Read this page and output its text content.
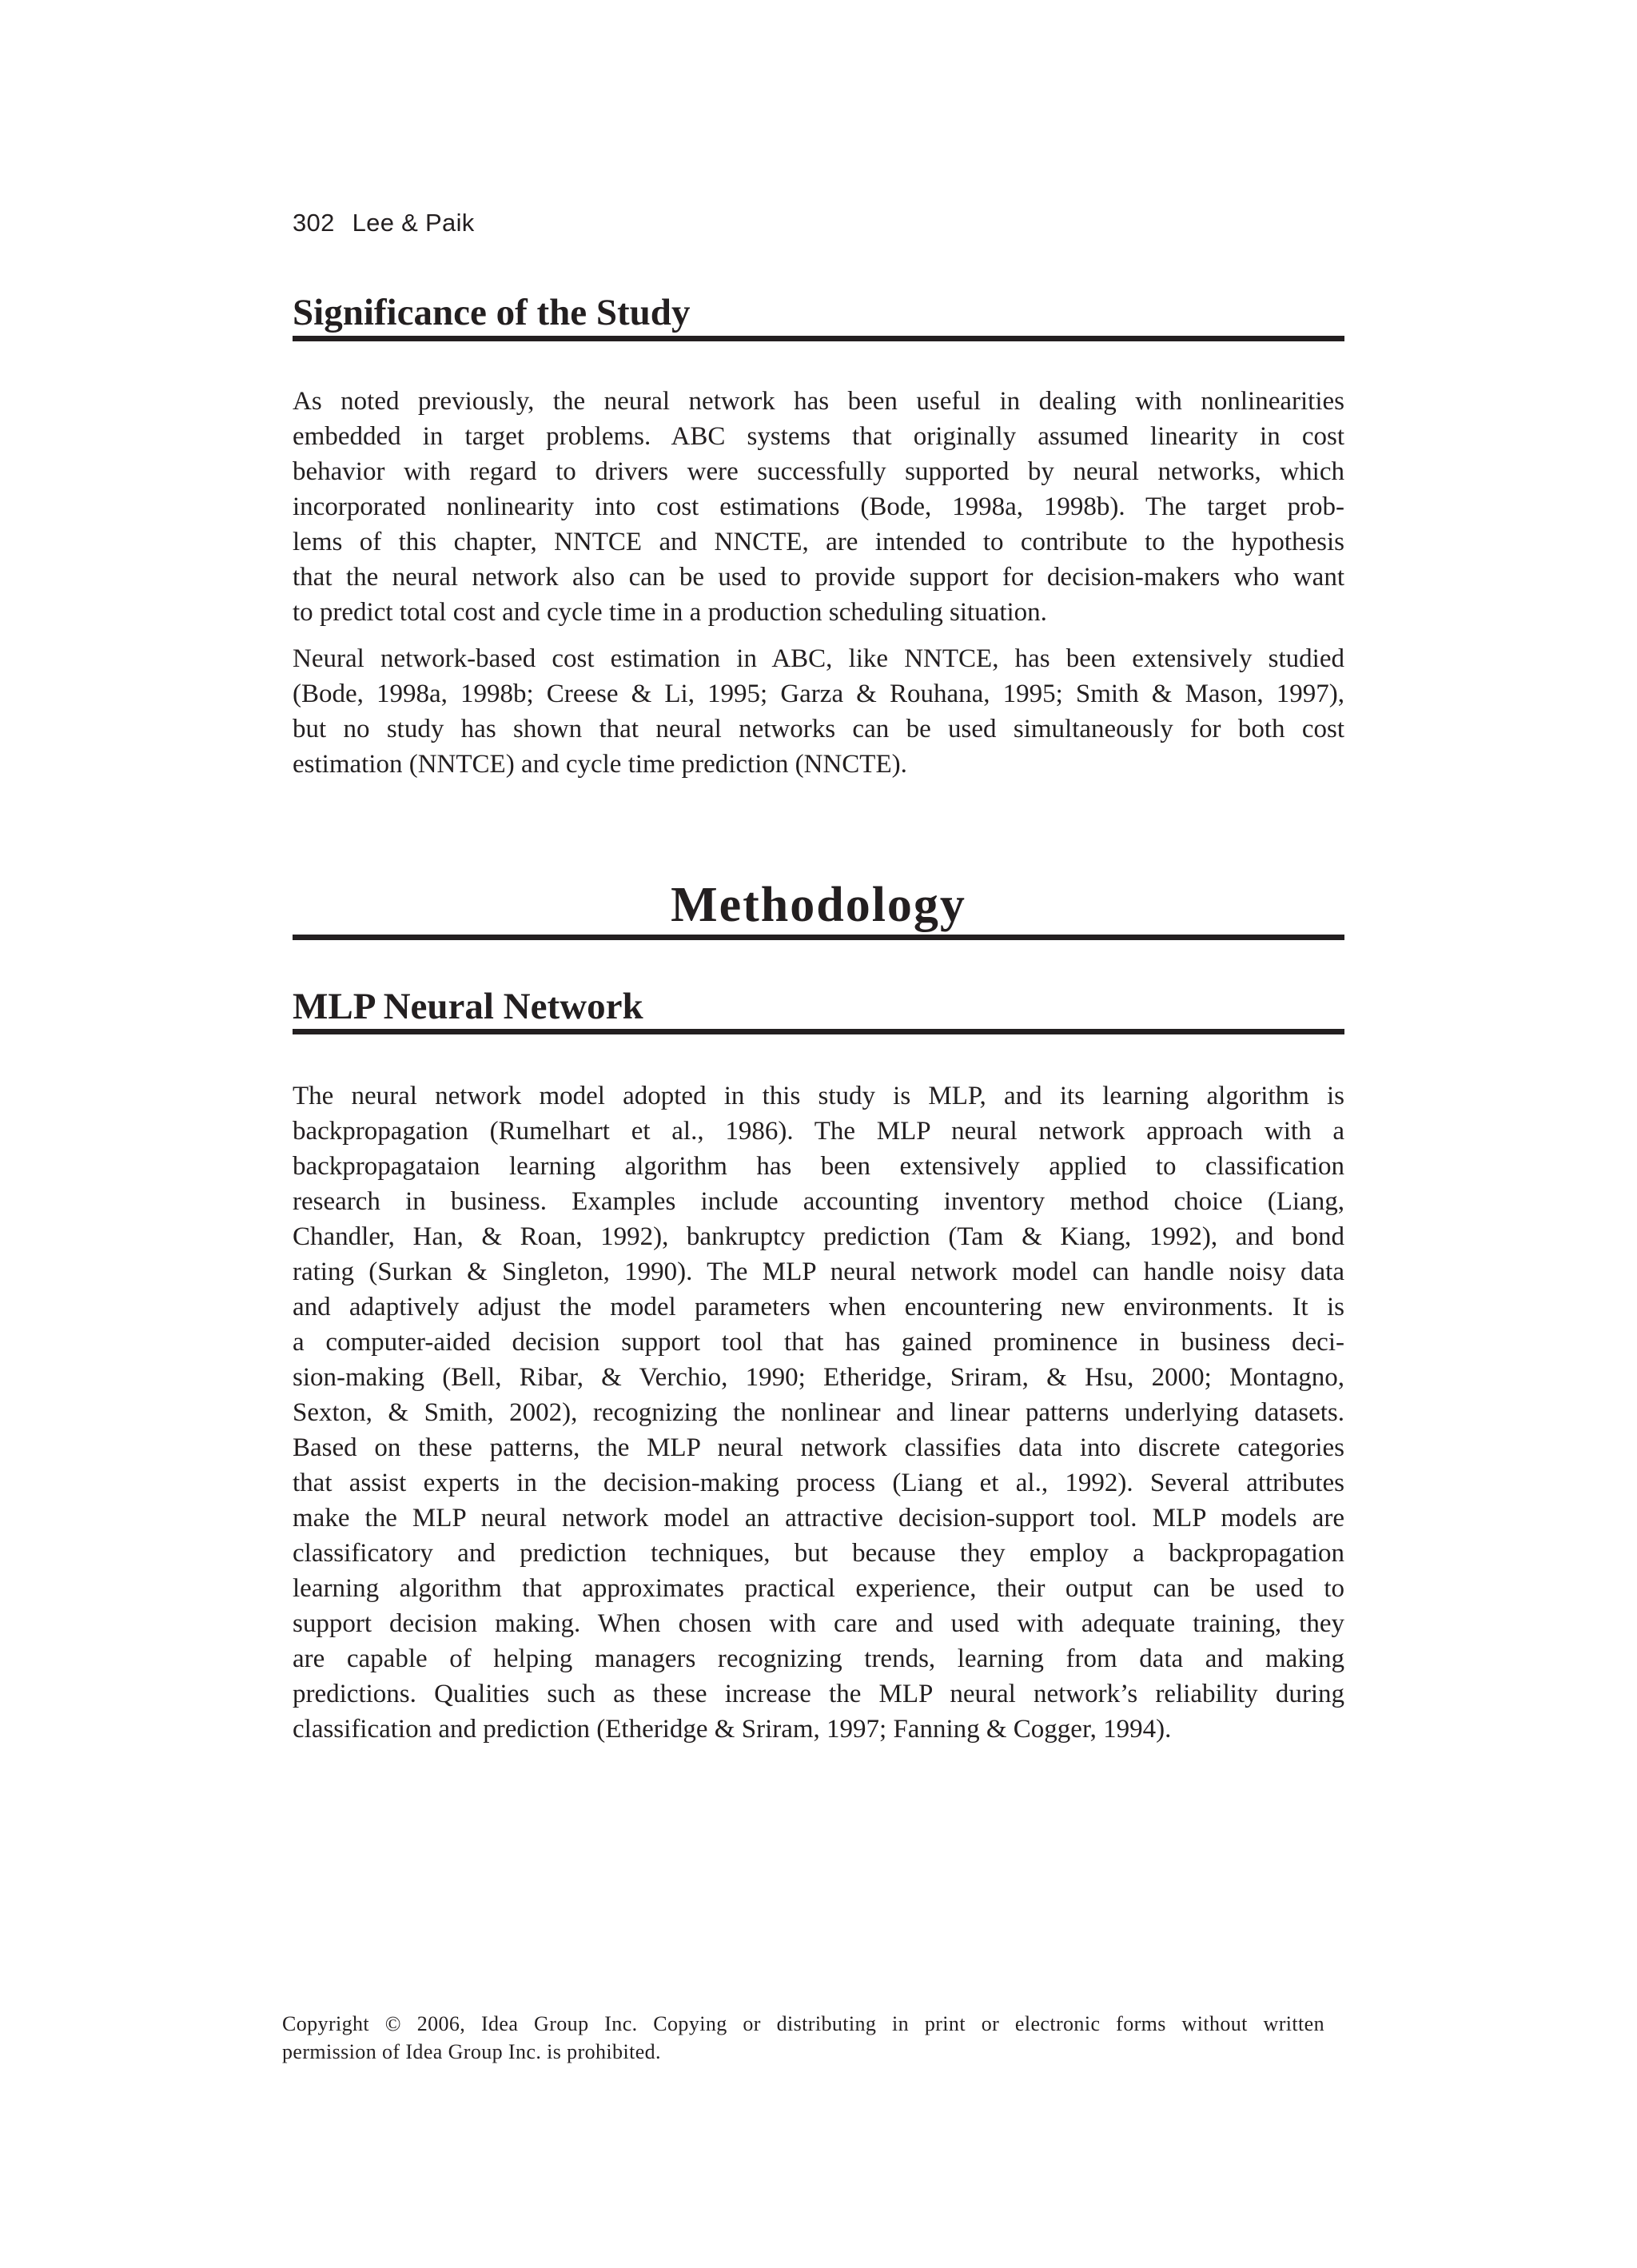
302 Lee & Paik
Significance of the Study

As noted previously, the neural network has been useful in dealing with nonlinearities

embedded in target problems. ABC systems that originally assumed linearity in cost

behavior with regard to drivers were successfully supported by neural networks, which

incorporated nonlinearity into cost estimations (Bode, 1998a, 1998b). The target prob-

lems of this chapter, NNTCE and NNCTE, are intended to contribute to the hypothesis

that the neural network also can be used to provide support for decision-makers who want

to predict total cost and cycle time in a production scheduling situation.

Neural network-based cost estimation in ABC, like NNTCE, has been extensively studied

(Bode, 1998a, 1998b; Creese & Li, 1995; Garza & Rouhana, 1995; Smith & Mason, 1997),

but no study has shown that neural networks can be used simultaneously for both cost

estimation (NNTCE) and cycle time prediction (NNCTE).

Methodology
MLP Neural Network

The neural network model adopted in this study is MLP, and its learning algorithm is

backpropagation (Rumelhart et al., 1986). The MLP neural network approach with a

backpropagataion learning algorithm has been extensively applied to classification

research in business. Examples include accounting inventory method choice (Liang,

Chandler, Han, & Roan, 1992), bankruptcy prediction (Tam & Kiang, 1992), and bond

rating (Surkan & Singleton, 1990). The MLP neural network model can handle noisy data

and adaptively adjust the model parameters when encountering new environments. It is

a computer-aided decision support tool that has gained prominence in business deci-

sion-making (Bell, Ribar, & Verchio, 1990; Etheridge, Sriram, & Hsu, 2000; Montagno,

Sexton, & Smith, 2002), recognizing the nonlinear and linear patterns underlying datasets.

Based on these patterns, the MLP neural network classifies data into discrete categories

that assist experts in the decision-making process (Liang et al., 1992). Several attributes

make the MLP neural network model an attractive decision-support tool. MLP models are

classificatory and prediction techniques, but because they employ a backpropagation

learning algorithm that approximates practical experience, their output can be used to

support decision making. When chosen with care and used with adequate training, they

are capable of helping managers recognizing trends, learning from data and making

predictions. Qualities such as these increase the MLP neural network’s reliability during

classification and prediction (Etheridge & Sriram, 1997; Fanning & Cogger, 1994).

Copyright © 2006, Idea Group Inc. Copying or distributing in print or electronic forms without written
permission of Idea Group Inc. is prohibited.
